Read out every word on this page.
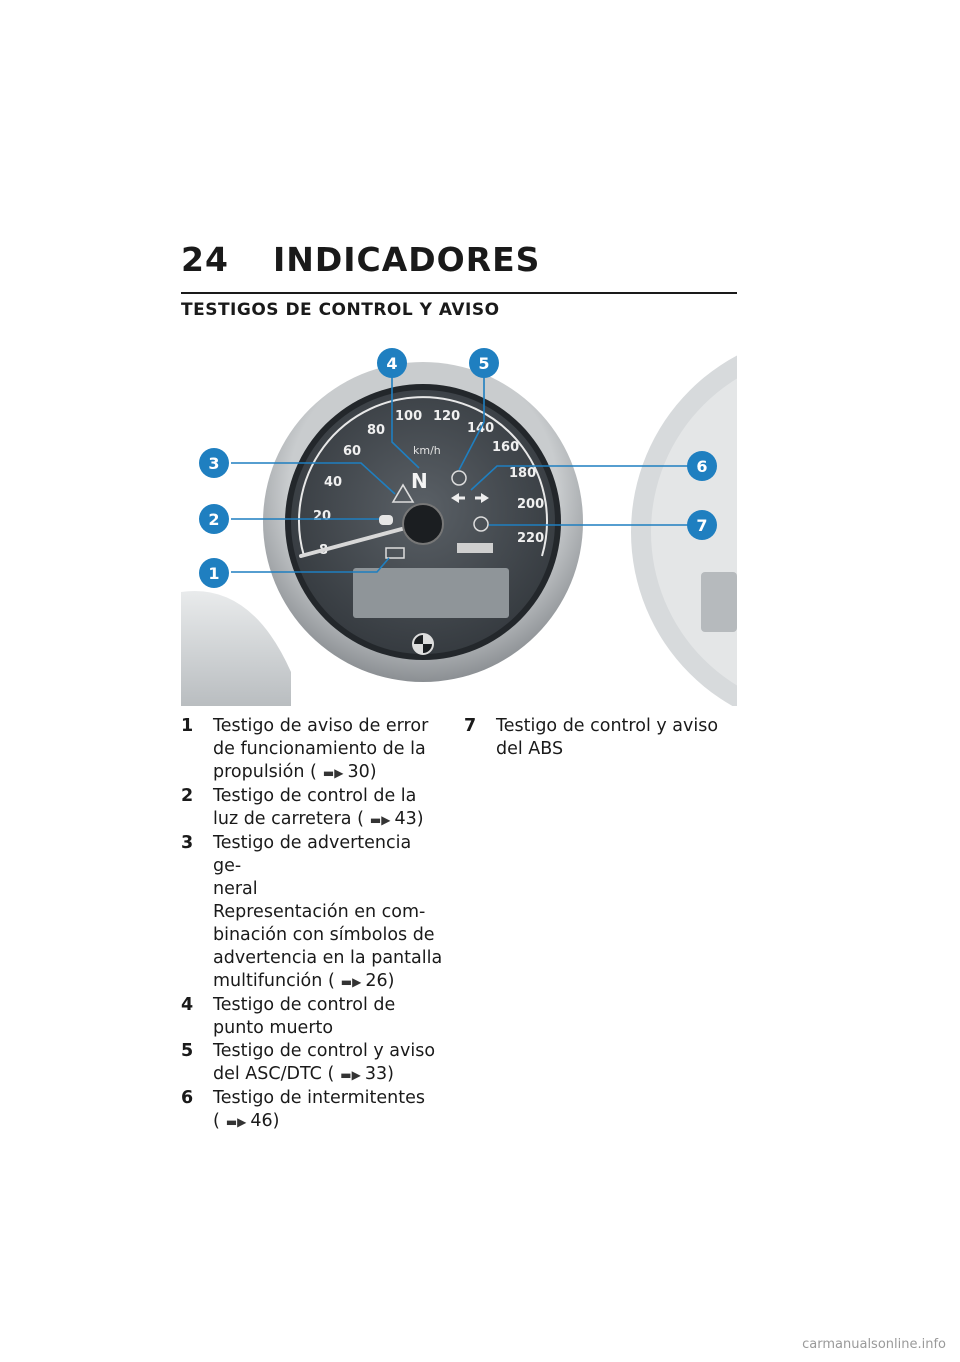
24 INDICADORES
TESTIGOS DE CONTROL Y AVISO
20
40
60
80
100 120
140
160
180
200
220
km/h
N
1
2
3
4	5
6
7
1	Testigo de aviso de error
de funcionamiento de la
propulsión ( ▬▶ 30)
2	Testigo de control de la
luz de carretera ( ▬▶ 43)
3	Testigo de advertencia ge-
neral
Representación en com-
binación con símbolos de
advertencia en la pantalla
multifunción ( ▬▶ 26)
4	Testigo de control de
punto muerto
5	Testigo de control y aviso
del ASC/DTC ( ▬▶ 33)
6	Testigo de intermitentes
( ▬▶ 46)
7	Testigo de control y aviso
del ABS
carmanualsonline.info
